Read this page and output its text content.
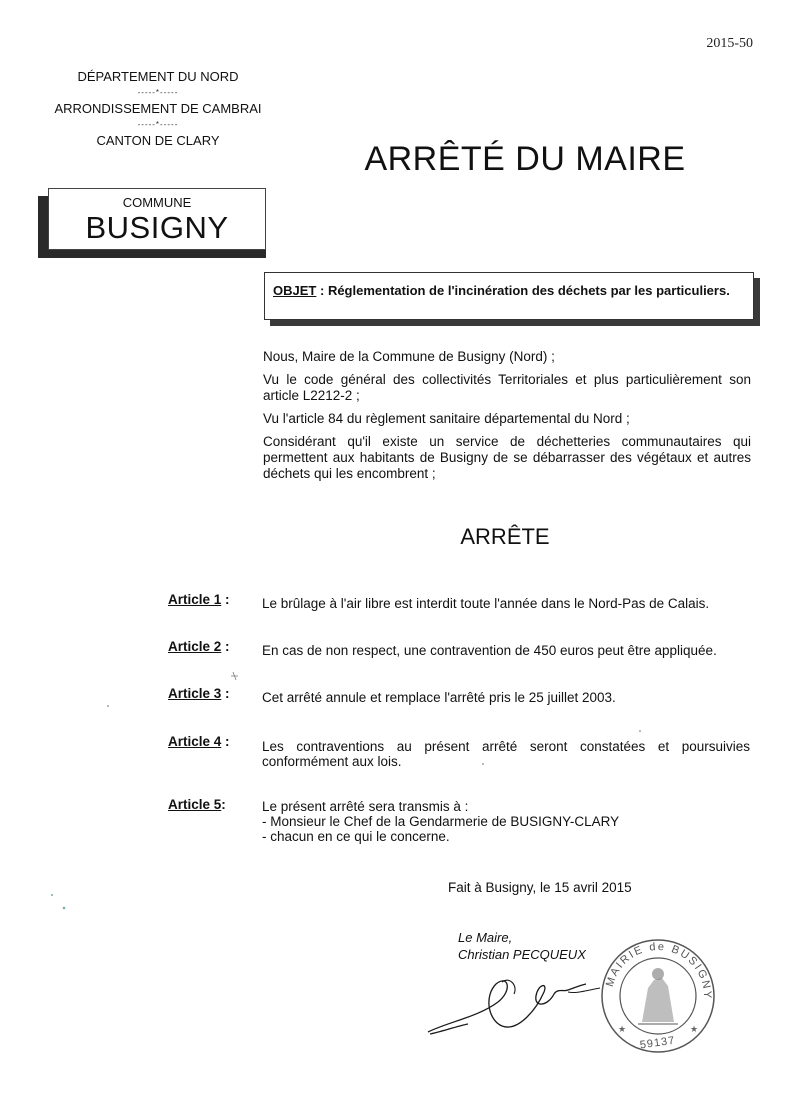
2015-50
DÉPARTEMENT DU NORD
-----*-----
ARRONDISSEMENT DE CAMBRAI
-----*-----
CANTON DE CLARY	ARRÊTÉ DU MAIRE
COMMUNE
BUSIGNY
OBJET : Réglementation de l'incinération des déchets par les particuliers.

Nous, Maire de la Commune de Busigny (Nord) ;

Vu le code général des collectivités Territoriales et plus particulièrement son article L2212-2 ;

Vu l'article 84 du règlement sanitaire départemental du Nord ;

Considérant qu'il existe un service de déchetteries communautaires qui permettent aux habitants de Busigny de se débarrasser des végétaux et autres déchets qui les encombrent ;

ARRÊTE
Article 1 : Le brûlage à l'air libre est interdit toute l'année dans le Nord-Pas de Calais.
Article 2 : En cas de non respect, une contravention de 450 euros peut être appliquée.
Article 3 : Cet arrêté annule et remplace l'arrêté pris le 25 juillet 2003.
Article 4 : Les contraventions au présent arrêté seront constatées et poursuivies conformément aux lois.
Article 5:	Le présent arrêté sera transmis à :
- Monsieur le Chef de la Gendarmerie de BUSIGNY-CLARY
- chacun en ce qui le concerne.
Fait à Busigny, le 15 avril 2015
Le Maire,
Christian PECQUEUX
MAIRIE de BUSIGNY
59137
★	★
